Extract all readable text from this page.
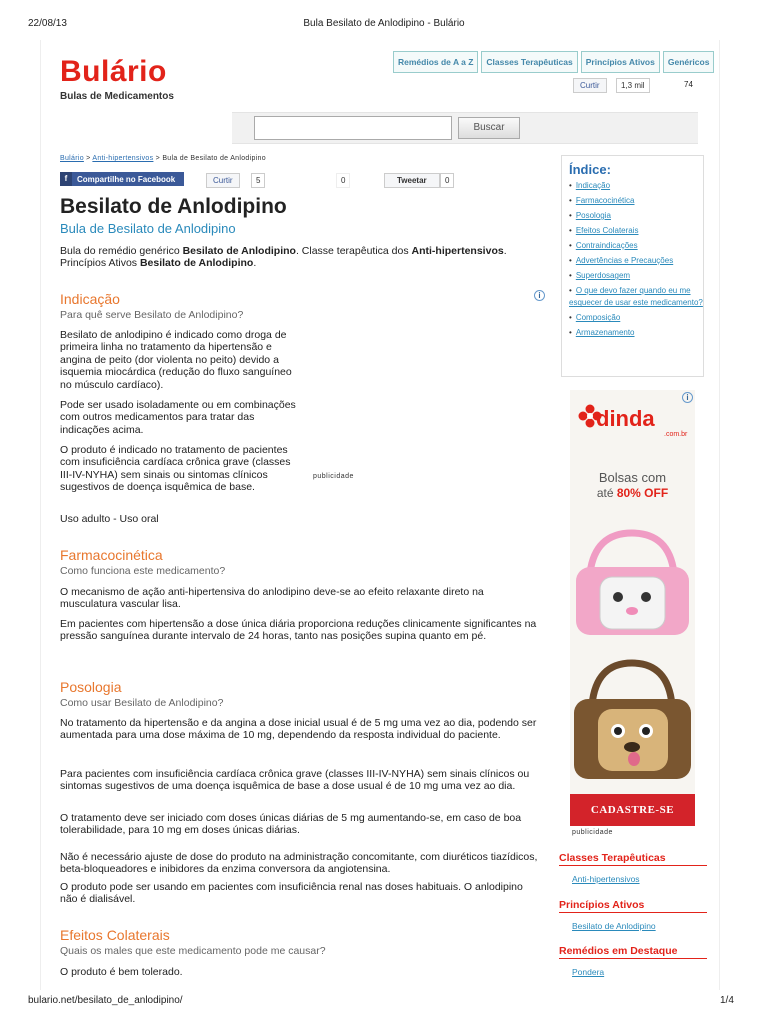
22/08/13	Bula Besilato de Anlodipino - Bulário
Bulário
Bulas de Medicamentos
Remédios de A a Z	Classes Terapêuticas	Princípios Ativos	Genéricos
Curtir	1,3 mil	74
Buscar
Bulário > Anti-hipertensivos > Bula de Besilato de Anlodipino
f	Compartilhe no Facebook	Curtir	5	0	Tweetar	0
Besilato de Anlodipino
Bula de Besilato de Anlodipino
Bula do remédio genérico Besilato de Anlodipino. Classe terapêutica dos Anti-hipertensivos. Princípios Ativos Besilato de Anlodipino.
Indicação
Para quê serve Besilato de Anlodipino?
i
Besilato de anlodipino é indicado como droga de primeira linha no tratamento da hipertensão e angina de peito (dor violenta no peito) devido a isquemia miocárdica (redução do fluxo sanguíneo no músculo cardíaco).
Pode ser usado isoladamente ou em combinações com outros medicamentos para tratar das indicações acima.
O produto é indicado no tratamento de pacientes com insuficiência cardíaca crônica grave (classes III-IV-NYHA) sem sinais ou sintomas clínicos sugestivos de doença isquêmica de base.
Uso adulto - Uso oral
publicidade
Farmacocinética
Como funciona este medicamento?
O mecanismo de ação anti-hipertensiva do anlodipino deve-se ao efeito relaxante direto na musculatura vascular lisa.
Em pacientes com hipertensão a dose única diária proporciona reduções clinicamente significantes na pressão sanguínea durante intervalo de 24 horas, tanto nas posições supina quanto em pé.
Posologia
Como usar Besilato de Anlodipino?
No tratamento da hipertensão e da angina a dose inicial usual é de 5 mg uma vez ao dia, podendo ser aumentada para uma dose máxima de 10 mg, dependendo da resposta individual do paciente.
Para pacientes com insuficiência cardíaca crônica grave (classes III-IV-NYHA) sem sinais clínicos ou sintomas sugestivos de uma doença isquêmica de base a dose usual é de 10 mg uma vez ao dia.
O tratamento deve ser iniciado com doses únicas diárias de 5 mg aumentando-se, em caso de boa tolerabilidade, para 10 mg em doses únicas diárias.
Não é necessário ajuste de dose do produto na administração concomitante, com diuréticos tiazídicos, beta-bloqueadores e inibidores da enzima conversora da angiotensina.
O produto pode ser usando em pacientes com insuficiência renal nas doses habituais. O anlodipino não é dialisável.
Efeitos Colaterais
Quais os males que este medicamento pode me causar?
O produto é bem tolerado.
Índice:
• Indicação
• Farmacocinética
• Posologia
• Efeitos Colaterais
• Contraindicações
• Advertências e Precauções
• Superdosagem
• O que devo fazer quando eu me esquecer de usar este medicamento?
• Composição
• Armazenamento
dinda
.com.br
i
Bolsas com
até 80% OFF
CADASTRE-SE
publicidade
Classes Terapêuticas
Anti-hipertensivos
Princípios Ativos
Besilato de Anlodipino
Remédios em Destaque
Pondera
bulario.net/besilato_de_anlodipino/	1/4
